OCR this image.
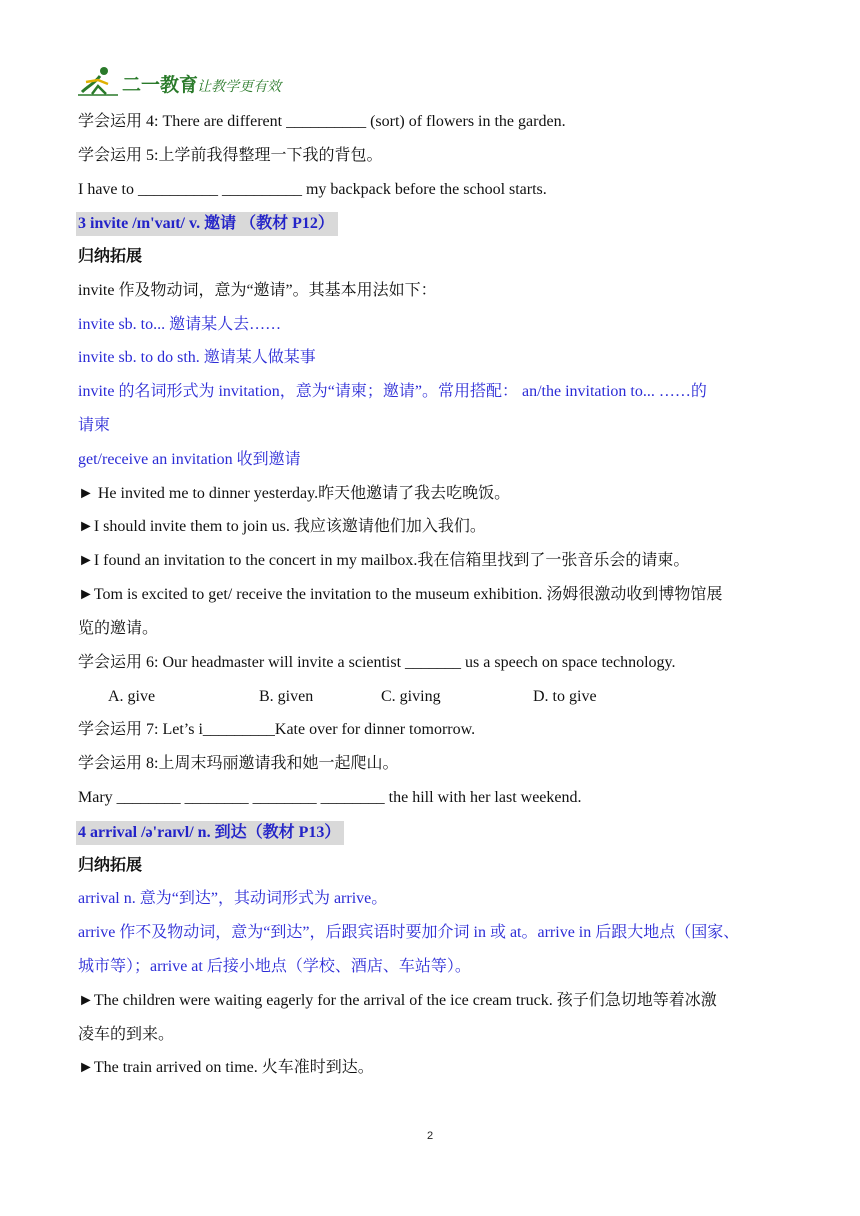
二一教育
/ 让教学更有效
学会运用 4: There are different __________ (sort) of flowers in the garden.
学会运用 5:上学前我得整理一下我的背包。
I have to __________ __________ my backpack before the school starts.
3 invite /ɪn'vaɪt/ v. 邀请 （教材 P12）
归纳拓展
invite 作及物动词，意为“邀请”。其基本用法如下：
invite sb. to... 邀请某人去……
invite sb. to do sth. 邀请某人做某事
invite 的名词形式为 invitation，意为“请柬；邀请”。常用搭配： an/the invitation to... ……的
请柬
get/receive an invitation 收到邀请
► He invited me to dinner yesterday.昨天他邀请了我去吃晚饭。
►I should invite them to join us. 我应该邀请他们加入我们。
►I found an invitation to the concert in my mailbox.我在信箱里找到了一张音乐会的请柬。
►Tom is excited to get/ receive the invitation to the museum exhibition. 汤姆很激动收到博物馆展
览的邀请。
学会运用 6: Our headmaster will invite a scientist _______ us a speech on space technology.
A. give	B. given	C. giving	D. to give
学会运用 7: Let’s i_________Kate over for dinner tomorrow.
学会运用 8:上周末玛丽邀请我和她一起爬山。
Mary ________ ________ ________ ________ the hill with her last weekend.
4 arrival /ə'raɪvl/ n. 到达（教材 P13）
归纳拓展
arrival n. 意为“到达”，其动词形式为 arrive。
arrive 作不及物动词，意为“到达”，后跟宾语时要加介词 in 或 at。arrive in 后跟大地点（国家、
城市等）；arrive at 后接小地点（学校、酒店、车站等）。
►The children were waiting eagerly for the arrival of the ice cream truck. 孩子们急切地等着冰激
凌车的到来。
►The train arrived on time. 火车准时到达。
2
